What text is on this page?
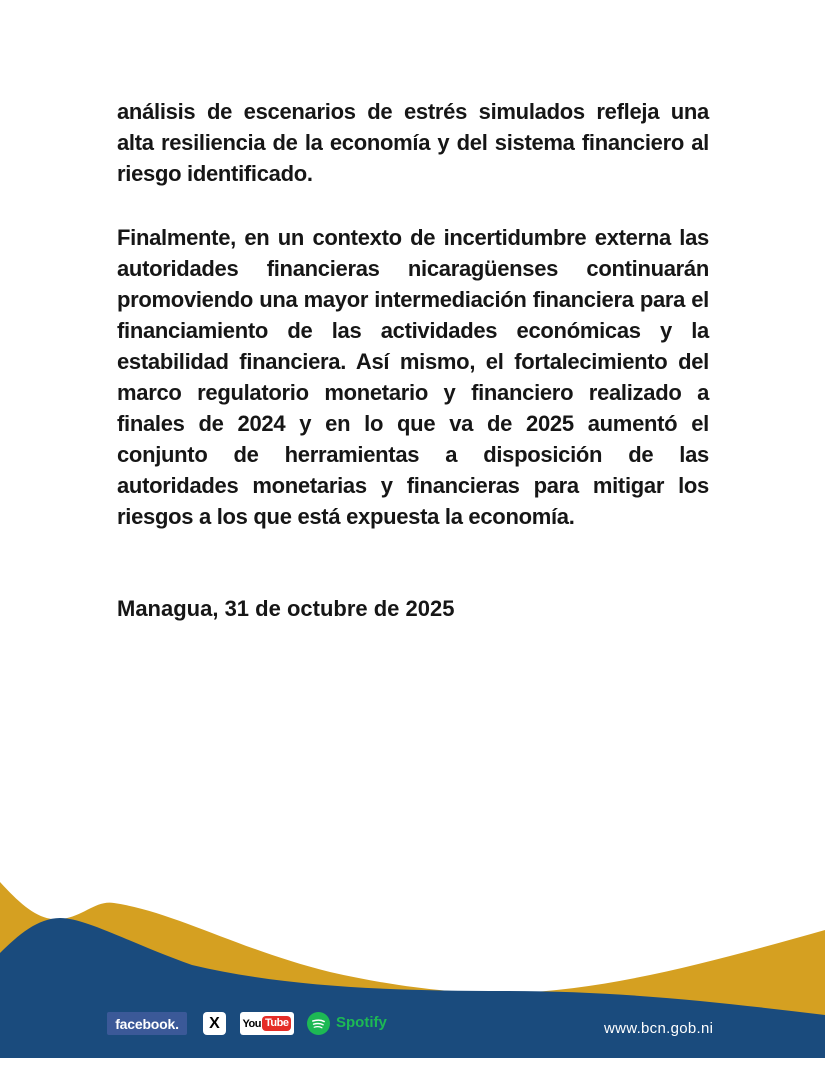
análisis de escenarios de estrés simulados refleja una alta resiliencia de la economía y del sistema financiero al riesgo identificado.

Finalmente, en un contexto de incertidumbre externa las autoridades financieras nicaragüenses continuarán promoviendo una mayor intermediación financiera para el financiamiento de las actividades económicas y la estabilidad financiera. Así mismo, el fortalecimiento del marco regulatorio monetario y financiero realizado a finales de 2024 y en lo que va de 2025 aumentó el conjunto de herramientas a disposición de las autoridades monetarias y financieras para mitigar los riesgos a los que está expuesta la economía.

Managua, 31 de octubre de 2025
facebook. X You Tube	Spotify	www.bcn.gob.ni
